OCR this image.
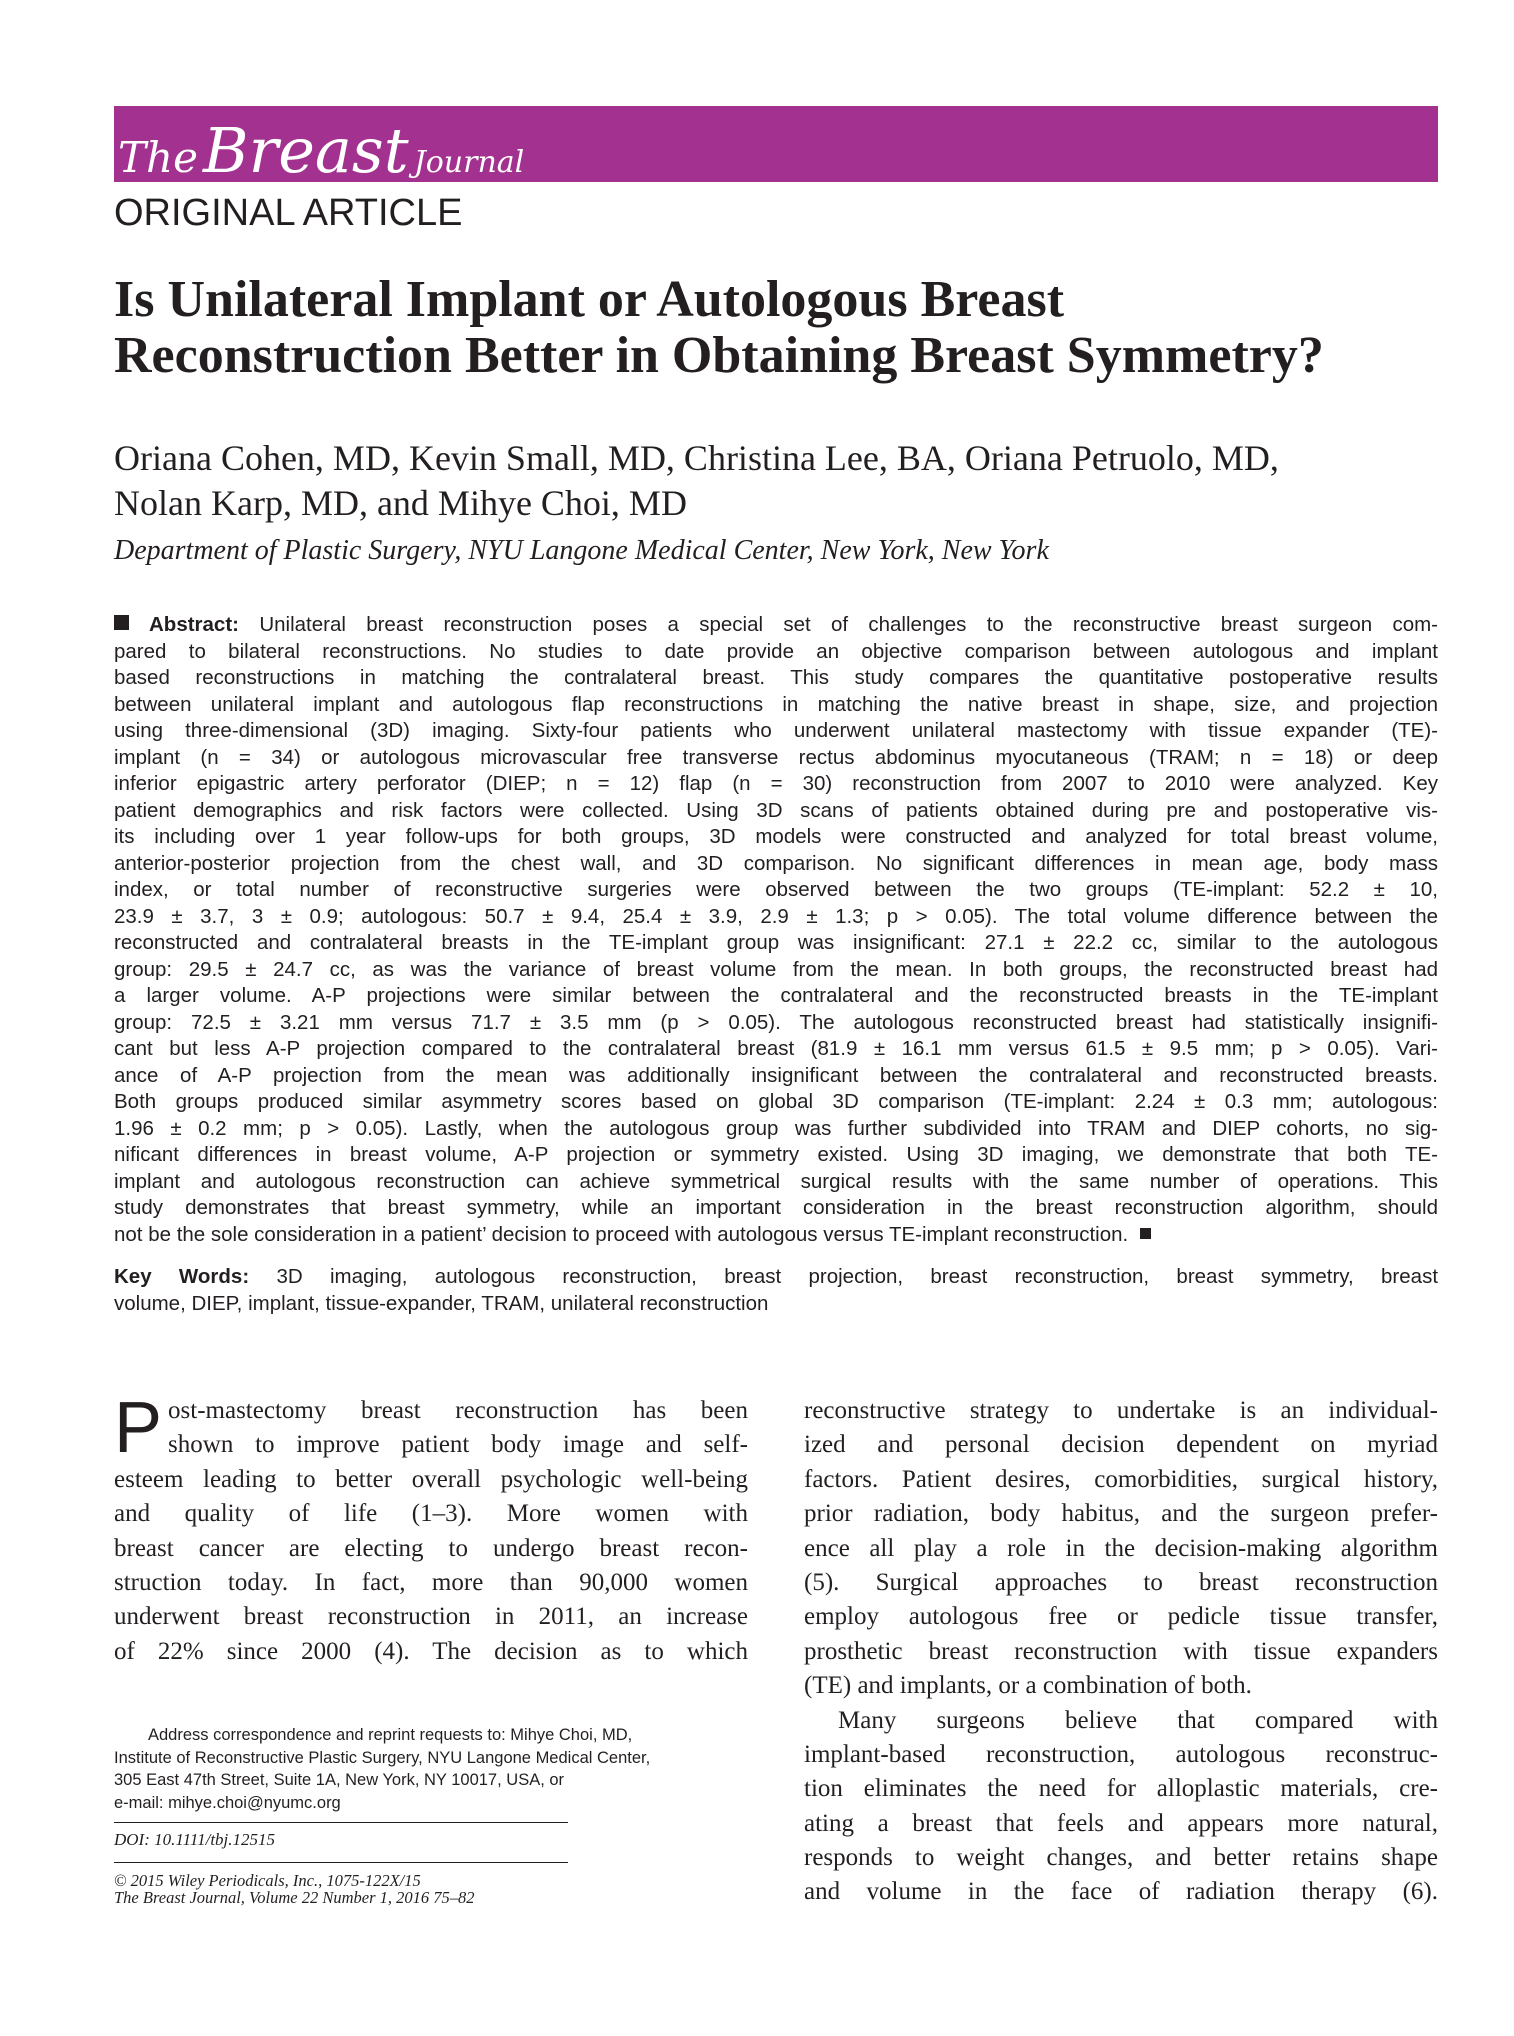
The Breast Journal
ORIGINAL ARTICLE
Is Unilateral Implant or Autologous Breast
Reconstruction Better in Obtaining Breast Symmetry?
Oriana Cohen, MD, Kevin Small, MD, Christina Lee, BA, Oriana Petruolo, MD,
Nolan Karp, MD, and Mihye Choi, MD
Department of Plastic Surgery, NYU Langone Medical Center, New York, New York
Abstract: Unilateral breast reconstruction poses a special set of challenges to the reconstructive breast surgeon com-
pared to bilateral reconstructions. No studies to date provide an objective comparison between autologous and implant
based reconstructions in matching the contralateral breast. This study compares the quantitative postoperative results
between unilateral implant and autologous flap reconstructions in matching the native breast in shape, size, and projection
using three-dimensional (3D) imaging. Sixty-four patients who underwent unilateral mastectomy with tissue expander (TE)-
implant (n = 34) or autologous microvascular free transverse rectus abdominus myocutaneous (TRAM; n = 18) or deep
inferior epigastric artery perforator (DIEP; n = 12) flap (n = 30) reconstruction from 2007 to 2010 were analyzed. Key
patient demographics and risk factors were collected. Using 3D scans of patients obtained during pre and postoperative vis-
its including over 1 year follow-ups for both groups, 3D models were constructed and analyzed for total breast volume,
anterior-posterior projection from the chest wall, and 3D comparison. No significant differences in mean age, body mass
index, or total number of reconstructive surgeries were observed between the two groups (TE-implant: 52.2 ± 10,
23.9 ± 3.7, 3 ± 0.9; autologous: 50.7 ± 9.4, 25.4 ± 3.9, 2.9 ± 1.3; p > 0.05). The total volume difference between the
reconstructed and contralateral breasts in the TE-implant group was insignificant: 27.1 ± 22.2 cc, similar to the autologous
group: 29.5 ± 24.7 cc, as was the variance of breast volume from the mean. In both groups, the reconstructed breast had
a larger volume. A-P projections were similar between the contralateral and the reconstructed breasts in the TE-implant
group: 72.5 ± 3.21 mm versus 71.7 ± 3.5 mm (p > 0.05). The autologous reconstructed breast had statistically insignifi-
cant but less A-P projection compared to the contralateral breast (81.9 ± 16.1 mm versus 61.5 ± 9.5 mm; p > 0.05). Vari-
ance of A-P projection from the mean was additionally insignificant between the contralateral and reconstructed breasts.
Both groups produced similar asymmetry scores based on global 3D comparison (TE-implant: 2.24 ± 0.3 mm; autologous:
1.96 ± 0.2 mm; p > 0.05). Lastly, when the autologous group was further subdivided into TRAM and DIEP cohorts, no sig-
nificant differences in breast volume, A-P projection or symmetry existed. Using 3D imaging, we demonstrate that both TE-
implant and autologous reconstruction can achieve symmetrical surgical results with the same number of operations. This
study demonstrates that breast symmetry, while an important consideration in the breast reconstruction algorithm, should
not be the sole consideration in a patient’ decision to proceed with autologous versus TE-implant reconstruction.
Key Words: 3D imaging, autologous reconstruction, breast projection, breast reconstruction, breast symmetry, breast
volume, DIEP, implant, tissue-expander, TRAM, unilateral reconstruction
P ost-mastectomy breast reconstruction has been
shown to improve patient body image and self-
esteem leading to better overall psychologic well-being
and quality of life (1–3). More women with
breast cancer are electing to undergo breast recon-
struction today. In fact, more than 90,000 women
underwent breast reconstruction in 2011, an increase
of 22% since 2000 (4). The decision as to which
Address correspondence and reprint requests to: Mihye Choi, MD,
Institute of Reconstructive Plastic Surgery, NYU Langone Medical Center,
305 East 47th Street, Suite 1A, New York, NY 10017, USA, or
e-mail: mihye.choi@nyumc.org
DOI: 10.1111/tbj.12515
© 2015 Wiley Periodicals, Inc., 1075-122X/15
The Breast Journal, Volume 22 Number 1, 2016 75–82
reconstructive strategy to undertake is an individual-
ized and personal decision dependent on myriad
factors. Patient desires, comorbidities, surgical history,
prior radiation, body habitus, and the surgeon prefer-
ence all play a role in the decision-making algorithm
(5). Surgical approaches to breast reconstruction
employ autologous free or pedicle tissue transfer,
prosthetic breast reconstruction with tissue expanders
(TE) and implants, or a combination of both.
Many surgeons believe that compared with
implant-based reconstruction, autologous reconstruc-
tion eliminates the need for alloplastic materials, cre-
ating a breast that feels and appears more natural,
responds to weight changes, and better retains shape
and volume in the face of radiation therapy (6).
